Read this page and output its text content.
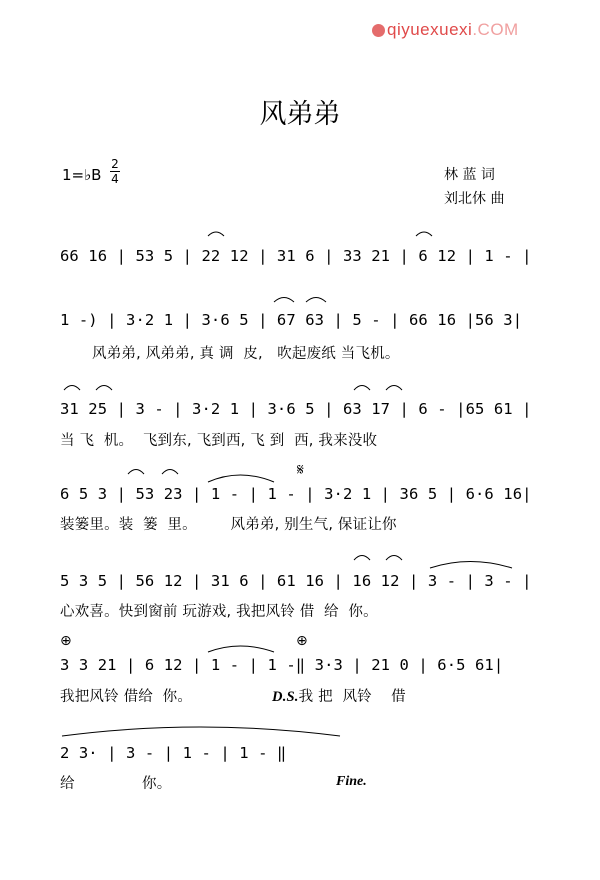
qiyuexuexi.COM
风弟弟
1=♭B
2
4	林 蓝 词
刘北休 曲
66 16 | 53 5 | 22 12 | 31 6 | 33 21 | 6 12 | 1 - |
1 -) | 3·2 1 | 3·6 5 | 67 63 | 5 - | 66 16 |56 3|
风弟弟, 风弟弟, 真 调  皮,   吹起废纸 当飞机。
𝄋
31 25 | 3 - | 3·2 1 | 3·6 5 | 63 17 | 6 - |65 61 |
当 飞  机。  飞到东, 飞到西, 飞 到  西, 我来没收
6 5 3 | 53 23 | 1 - | 1 - | 3·2 1 | 36 5 | 6·6 16|
装篓里。装  篓  里。       风弟弟, 别生气, 保证让你
5 3 5 | 56 12 | 31 6 | 61 16 | 16 12 | 3 - | 3 - |
心欢喜。快到窗前 玩游戏, 我把风铃 借  给  你。
⊕	⊕
3 3 21 | 6 12 | 1 - | 1 -‖ 3·3 | 21 0 | 6·5 61|
我把风铃 借给  你。	D.S.我 把  风铃    借
2 3· | 3 - | 1 - | 1 - ‖
给              你。	Fine.
